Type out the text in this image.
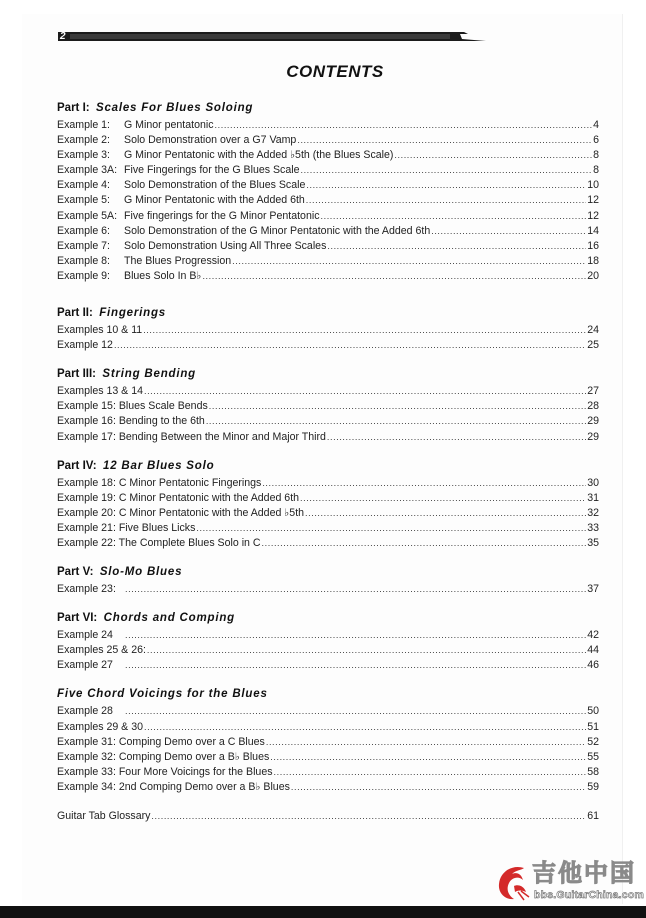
2
CONTENTS
Part I: Scales For Blues Soloing
Example 1: G Minor pentatonic .....	4
Example 2: Solo Demonstration over a G7 Vamp .....	6
Example 3: G Minor Pentatonic with the Added ♭5th (the Blues Scale) .....	8
Example 3A: Five Fingerings for the G Blues Scale .....	8
Example 4: Solo Demonstration of the Blues Scale .....	10
Example 5: G Minor Pentatonic with the Added 6th .....	12
Example 5A: Five fingerings for the G Minor Pentatonic .....	12
Example 6: Solo Demonstration of the G Minor Pentatonic with the Added 6th .....	14
Example 7: Solo Demonstration Using All Three Scales .....	16
Example 8: The Blues Progression .....	18
Example 9: Blues Solo In B♭ .....	20
Part II: Fingerings
Examples 10 & 11 .....	24
Example 12 .....	25
Part III: String Bending
Examples 13 & 14 .....	27
Example 15: Blues Scale Bends .....	28
Example 16: Bending to the 6th .....	29
Example 17: Bending Between the Minor and Major Third .....	29
Part IV: 12 Bar Blues Solo
Example 18: C Minor Pentatonic Fingerings .....	30
Example 19: C Minor Pentatonic with the Added 6th .....	31
Example 20: C Minor Pentatonic with the Added ♭5th .....	32
Example 21: Five Blues Licks .....	33
Example 22: The Complete Blues Solo in C .....	35
Part V: Slo-Mo Blues
Example 23: .....	37
Part VI: Chords and Comping
Example 24 .....	42
Examples 25 & 26: .....	44
Example 27 .....	46
Five Chord Voicings for the Blues
Example 28 .....	50
Examples 29 & 30 .....	51
Example 31: Comping Demo over a C Blues .....	52
Example 32: Comping Demo over a B♭ Blues .....	55
Example 33: Four More Voicings for the Blues .....	58
Example 34: 2nd Comping Demo over a B♭ Blues .....	59
Guitar Tab Glossary .....	61
吉他中国
bbs.GuitarChina.com
